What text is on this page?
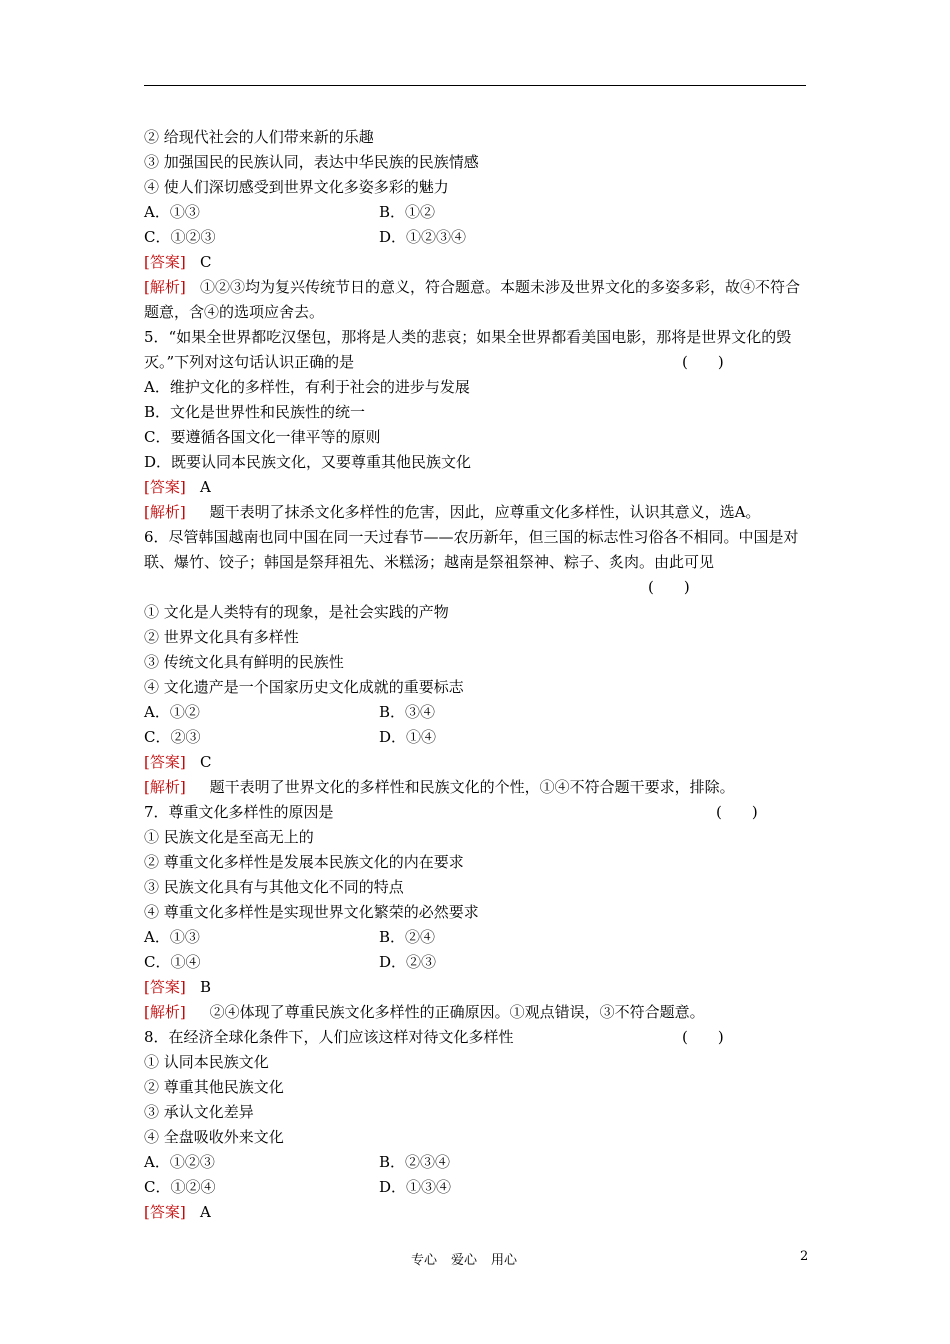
② 给现代社会的人们带来新的乐趣
③ 加强国民的民族认同，表达中华民族的民族情感
④ 使人们深切感受到世界文化多姿多彩的魅力
A．①③	B．①②
C．①②③	D．①②③④
[答案] C
[解析] ①②③均为复兴传统节日的意义，符合题意。本题未涉及世界文化的多姿多彩，故④不符合题意，含④的选项应舍去。
5．“如果全世界都吃汉堡包，那将是人类的悲哀；如果全世界都看美国电影，那将是世界文化的毁灭。”下列对这句话认识正确的是	(　　)
A．维护文化的多样性，有利于社会的进步与发展
B．文化是世界性和民族性的统一
C．要遵循各国文化一律平等的原则
D．既要认同本民族文化，又要尊重其他民族文化
[答案] A
[解析] 题干表明了抹杀文化多样性的危害，因此，应尊重文化多样性，认识其意义，选A。
6．尽管韩国越南也同中国在同一天过春节——农历新年，但三国的标志性习俗各不相同。中国是对联、爆竹、饺子；韩国是祭拜祖先、米糕汤；越南是祭祖祭神、粽子、炙肉。由此可见
(　　)
① 文化是人类特有的现象，是社会实践的产物
② 世界文化具有多样性
③ 传统文化具有鲜明的民族性
④ 文化遗产是一个国家历史文化成就的重要标志
A．①②	B．③④
C．②③	D．①④
[答案] C
[解析] 题干表明了世界文化的多样性和民族文化的个性，①④不符合题干要求，排除。
7．尊重文化多样性的原因是	(　　)
① 民族文化是至高无上的
② 尊重文化多样性是发展本民族文化的内在要求
③ 民族文化具有与其他文化不同的特点
④ 尊重文化多样性是实现世界文化繁荣的必然要求
A．①③	B．②④
C．①④	D．②③
[答案] B
[解析] ②④体现了尊重民族文化多样性的正确原因。①观点错误，③不符合题意。
8．在经济全球化条件下，人们应该这样对待文化多样性	(　　)
① 认同本民族文化
② 尊重其他民族文化
③ 承认文化差异
④ 全盘吸收外来文化
A．①②③	B．②③④
C．①②④	D．①③④
[答案] A
专心 爱心 用心	2
